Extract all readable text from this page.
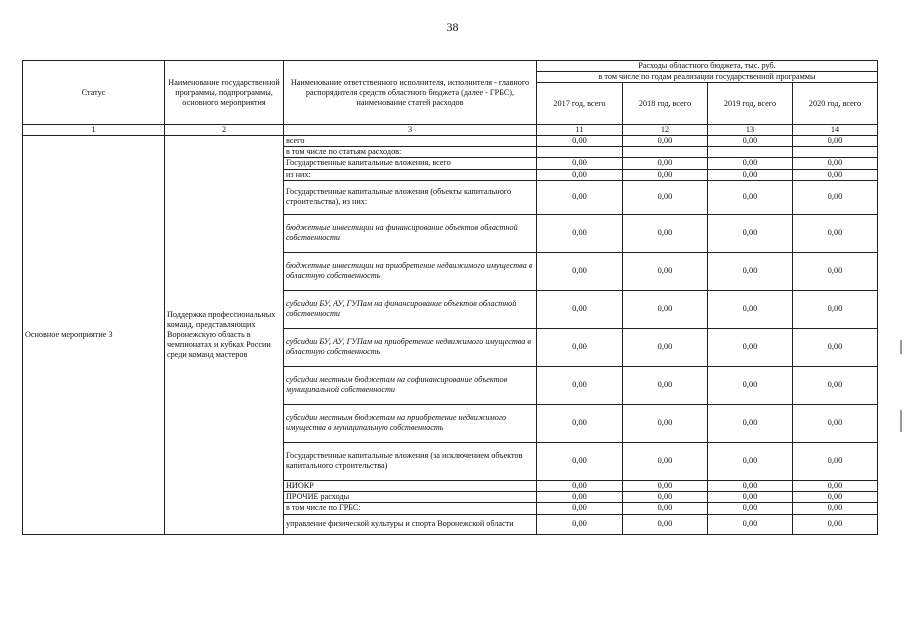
38
Статус	Наименование государственной программы, подпрограммы, основного мероприятия	Наименование ответственного исполнителя, исполнителя - главного распорядителя средств областного бюджета (далее - ГРБС), наименование статей расходов	Расходы областного бюджета, тыс. руб.			
			в том числе по годам реализации государственной программы			
			2017 год, всего	2018 год, всего	2019 год, всего	2020 год, всего
1	2	3	11	12	13	14
Основное мероприятие 3	Поддержка профессиональных команд, представляющих Воронежскую область в чемпионатах и кубках России среди команд мастеров	всего	0,00	0,00	0,00	0,00
		в том числе по статьям расходов:				
		Государственные капитальные вложения, всего	0,00	0,00	0,00	0,00
		из них:	0,00	0,00	0,00	0,00
		Государственные капитальные вложения (объекты капитального строительства), из них:	0,00	0,00	0,00	0,00
		бюджетные инвестиции на финансирование объектов областной собственности	0,00	0,00	0,00	0,00
		бюджетные инвестиции на приобретение недвижимого имущества в областную собственность	0,00	0,00	0,00	0,00
		субсидии БУ, АУ, ГУПам на финансирование объектов областной собственности	0,00	0,00	0,00	0,00
		субсидии БУ, АУ, ГУПам на приобретение недвижимого имущества в областную собственность	0,00	0,00	0,00	0,00
		субсидии местным бюджетам на софинансирование объектов муниципальной собственности	0,00	0,00	0,00	0,00
		субсидии местным бюджетам на приобретение недвижимого имущества в муниципальную собственность	0,00	0,00	0,00	0,00
		Государственные капитальные вложения (за исключением объектов капитального строительства)	0,00	0,00	0,00	0,00
		НИОКР	0,00	0,00	0,00	0,00
		ПРОЧИЕ расходы	0,00	0,00	0,00	0,00
		в том числе по ГРБС:	0,00	0,00	0,00	0,00
		управление физической культуры и спорта Воронежской области	0,00	0,00	0,00	0,00
